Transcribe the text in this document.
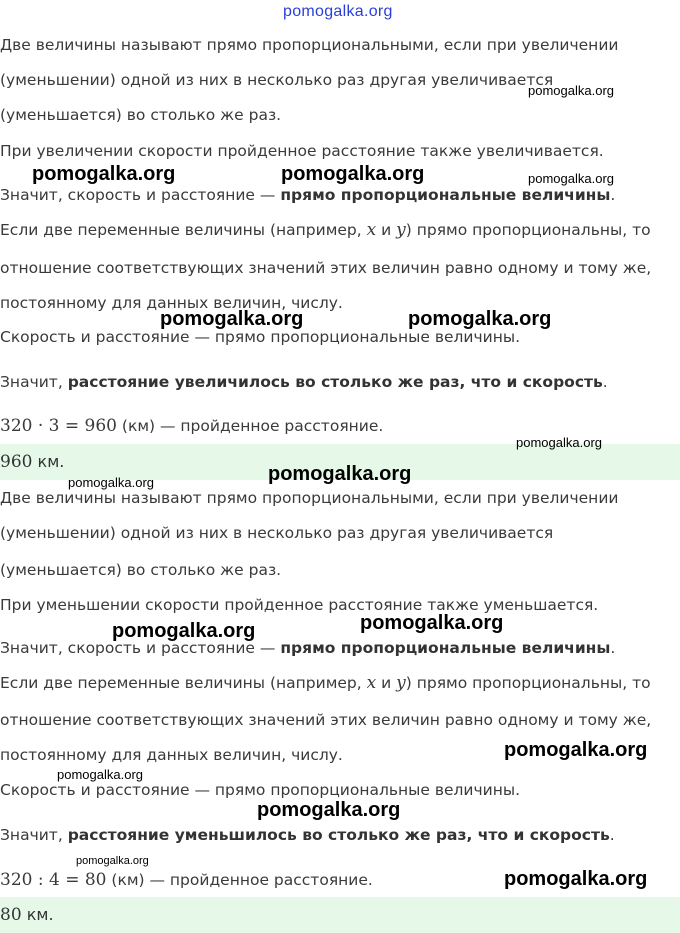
pomogalka.org
Две величины называют прямо пропорциональными, если при увеличении
(уменьшении) одной из них в несколько раз другая увеличивается
(уменьшается) во столько же раз.
При увеличении скорости пройденное расстояние также увеличивается.
Значит, скорость и расстояние — прямо пропорциональные величины.
Если две переменные величины (например, x и y) прямо пропорциональны, то
отношение соответствующих значений этих величин равно одному и тому же,
постоянному для данных величин, числу.
Скорость и расстояние — прямо пропорциональные величины.
Значит, расстояние увеличилось во столько же раз, что и скорость.
320 · 3 = 960 (км) — пройденное расстояние.
960 км.
Две величины называют прямо пропорциональными, если при увеличении
(уменьшении) одной из них в несколько раз другая увеличивается
(уменьшается) во столько же раз.
При уменьшении скорости пройденное расстояние также уменьшается.
Значит, скорость и расстояние — прямо пропорциональные величины.
Если две переменные величины (например, x и y) прямо пропорциональны, то
отношение соответствующих значений этих величин равно одному и тому же,
постоянному для данных величин, числу.
Скорость и расстояние — прямо пропорциональные величины.
Значит, расстояние уменьшилось во столько же раз, что и скорость.
320 : 4 = 80 (км) — пройденное расстояние.
80 км.
pomogalka.org
pomogalka.org	pomogalka.org	pomogalka.org
pomogalka.org	pomogalka.org
pomogalka.org
pomogalka.org
pomogalka.org
pomogalka.org
pomogalka.org
pomogalka.org
pomogalka.org
pomogalka.org
pomogalka.org
pomogalka.org
